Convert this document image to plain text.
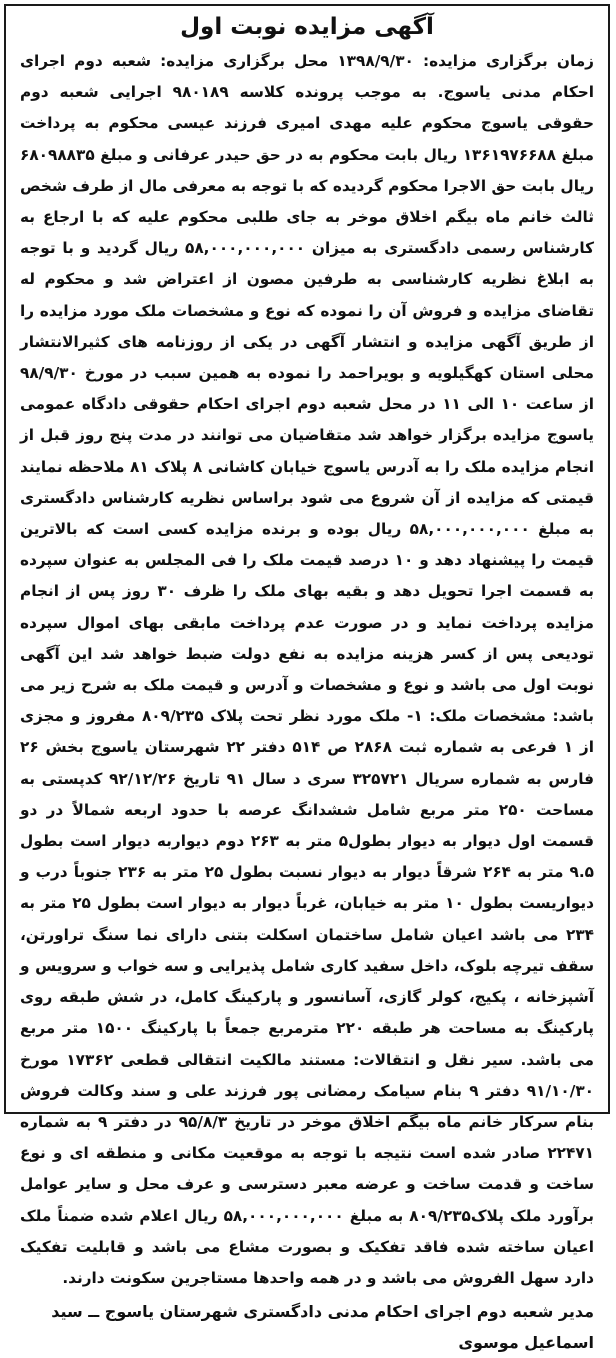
آگهی مزایده نوبت اول

زمان برگزاری مزایده: ۱۳۹۸/۹/۳۰ محل برگزاری مزایده: شعبه دوم اجرای احکام مدنی یاسوج. به موجب پرونده کلاسه ۹۸۰۱۸۹ اجرایی شعبه دوم حقوقی یاسوج محکوم علیه مهدی امیری فرزند عیسی محکوم به پرداخت مبلغ ۱۳۶۱۹۷۶۶۸۸ ریال بابت محکوم به در حق حیدر عرفانی و مبلغ ۶۸۰۹۸۸۳۵ ریال بابت حق الاجرا محکوم گردیده که با توجه به معرفی مال از طرف شخص ثالث خانم ماه بیگم اخلاق موخر به جای طلبی محکوم علیه که با ارجاع به کارشناس رسمی دادگستری به میزان ۵۸,۰۰۰,۰۰۰,۰۰۰ ریال گردید و با توجه به ابلاغ نظریه کارشناسی به طرفین مصون از اعتراض شد و محکوم له تقاضای مزایده و فروش آن را نموده که نوع و مشخصات ملک مورد مزایده را از طریق آگهی مزایده و انتشار آگهی در یکی از روزنامه های کثیرالانتشار محلی استان کهگیلویه و بویراحمد را نموده به همین سبب در مورخ ۹۸/۹/۳۰ از ساعت ۱۰ الی ۱۱ در محل شعبه دوم اجرای احکام حقوقی دادگاه عمومی یاسوج مزایده برگزار خواهد شد متقاضیان می توانند در مدت پنج روز قبل از انجام مزایده ملک را به آدرس یاسوج خیابان کاشانی ۸ پلاک ۸۱ ملاحظه نمایند قیمتی که مزایده از آن شروع می شود براساس نظریه کارشناس دادگستری به مبلغ ۵۸,۰۰۰,۰۰۰,۰۰۰ ریال بوده و برنده مزایده کسی است که بالاترین قیمت را پیشنهاد دهد و ۱۰ درصد قیمت ملک را فی المجلس به عنوان سپرده به قسمت اجرا تحویل دهد و بقیه بهای ملک را ظرف ۳۰ روز پس از انجام مزایده پرداخت نماید و در صورت عدم پرداخت مابقی بهای اموال سپرده تودیعی پس از کسر هزینه مزایده به نفع دولت ضبط خواهد شد این آگهی نوبت اول می باشد و نوع و مشخصات و آدرس و قیمت ملک به شرح زیر می باشد: مشخصات ملک: ۱- ملک مورد نظر تحت پلاک ۸۰۹/۲۳۵ مفروز و مجزی از ۱ فرعی به شماره ثبت ۲۸۶۸ ص ۵۱۴ دفتر ۲۲ شهرستان یاسوج بخش ۲۶ فارس به شماره سریال ۳۲۵۷۲۱ سری د سال ۹۱ تاریخ ۹۲/۱۲/۲۶ کدپستی به مساحت ۲۵۰ متر مربع شامل ششدانگ عرصه با حدود اربعه شمالاً در دو قسمت اول دیوار به دیوار بطول۵ متر به ۲۶۳ دوم دیواربه دیوار است بطول ۹.۵ متر به ۲۶۴ شرقاً دیوار به دیوار نسبت بطول ۲۵ متر به ۲۳۶ جنوباً درب و دیواریست بطول ۱۰ متر به خیابان، غرباً دیوار به دیوار است بطول ۲۵ متر به ۲۳۴ می باشد اعیان شامل ساختمان اسکلت بتنی دارای نما سنگ تراورتن، سقف تیرچه بلوک، داخل سفید کاری شامل پذیرایی و سه خواب و سرویس و آشپزخانه ، پکیج، کولر گازی، آسانسور و پارکینگ کامل، در شش طبقه روی پارکینگ به مساحت هر طبقه ۲۲۰ مترمربع جمعاً با پارکینگ ۱۵۰۰ متر مربع می باشد. سیر نقل و انتقالات: مستند مالکیت انتقالی قطعی ۱۷۳۶۲ مورخ ۹۱/۱۰/۳۰ دفتر ۹ بنام سیامک رمضانی پور فرزند علی و سند وکالت فروش بنام سرکار خانم ماه بیگم اخلاق موخر در تاریخ ۹۵/۸/۳ در دفتر ۹ به شماره ۲۲۴۷۱ صادر شده است نتیجه با توجه به موقعیت مکانی و منطقه ای و نوع ساخت و قدمت ساخت و عرضه معبر دسترسی و عرف محل و سایر عوامل برآورد ملک پلاک۸۰۹/۲۳۵ به مبلغ ۵۸,۰۰۰,۰۰۰,۰۰۰ ریال اعلام شده ضمناً ملک اعیان ساخته شده فاقد تفکیک و بصورت مشاع می باشد و قابلیت تفکیک دارد سهل الفروش می باشد و در همه واحدها مستاجرین سکونت دارند.

مدیر شعبه دوم اجرای احکام مدنی دادگستری شهرستان یاسوج ــ سید اسماعیل موسوی
